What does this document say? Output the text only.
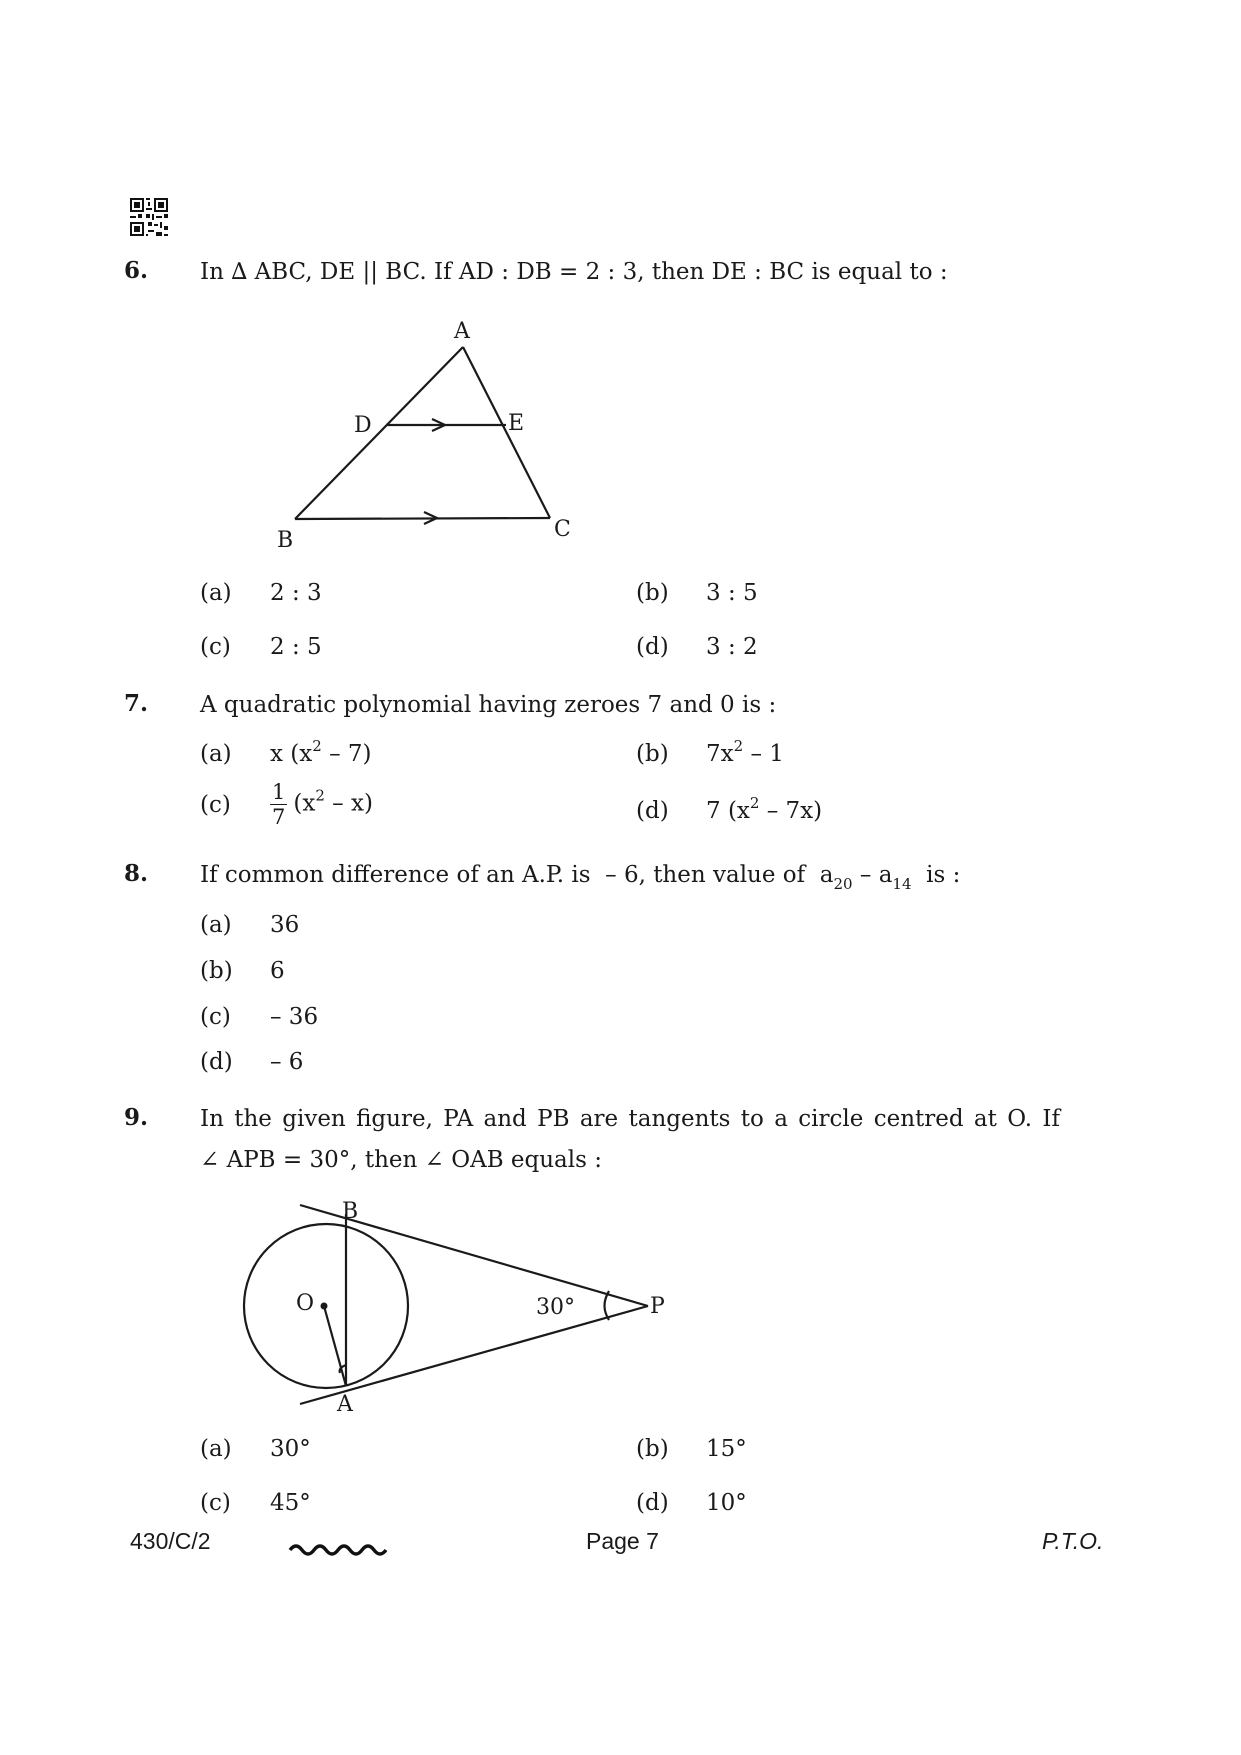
6. In ∆ ABC, DE || BC. If AD : DB = 2 : 3, then DE : BC is equal to :
A
D	E
B	C
(a) 2 : 3	(b) 3 : 5
(c) 2 : 5	(d) 3 : 2
7. A quadratic polynomial having zeroes 7 and 0 is :
(a) x $(x^2 - 7)$	(b) $7x^2 - 1$
$(c) \frac{1}{7} (x^2 - x)$	(d) 7 $(x^2 - 7x)$
8. If common difference of an A.P. is  – 6, then value of  $a_{20} - a_{14}$  is :
(a) 36
(b) 6
(c) – 36
(d) – 6
9. In the given figure, PA and PB are tangents to a circle centred at O. If
∠ APB = 30°, then ∠ OAB equals :
B
O	30°	P
A
(a) 30°	(b) 15°
(c) 45°	(d) 10°
430/C/2	Page 7	P.T.O.
